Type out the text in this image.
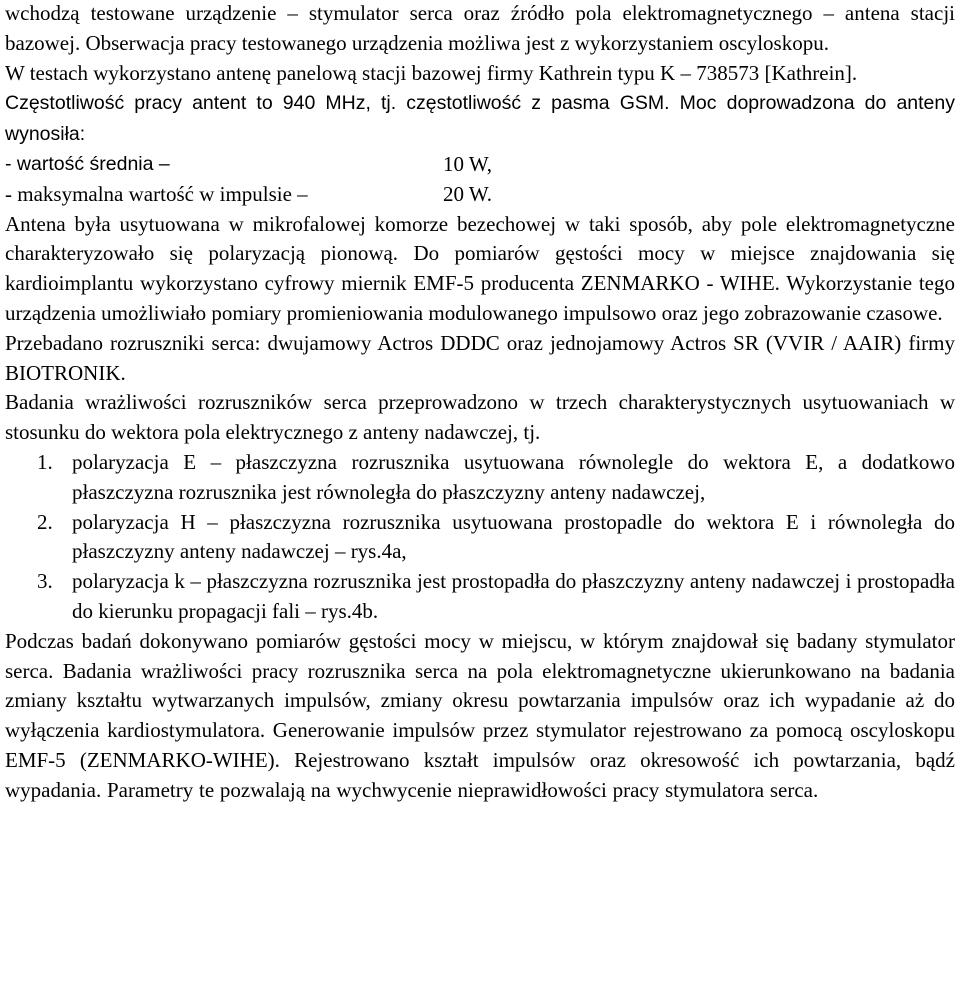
wchodzą testowane urządzenie – stymulator serca oraz źródło pola elektromagnetycznego – antena stacji bazowej. Obserwacja pracy testowanego urządzenia możliwa jest z wykorzystaniem oscyloskopu.

W testach wykorzystano antenę panelową stacji bazowej firmy Kathrein typu K – 738573 [Kathrein].

Częstotliwość pracy antent to 940 MHz, tj. częstotliwość z pasma GSM. Moc doprowadzona do anteny wynosiła:

- wartość średnia –	10 W,
- maksymalna wartość w impulsie –	20 W.

Antena była usytuowana w mikrofalowej komorze bezechowej w taki sposób, aby pole elektromagnetyczne charakteryzowało się polaryzacją pionową. Do pomiarów gęstości mocy w miejsce znajdowania się kardioimplantu wykorzystano cyfrowy miernik EMF-5 producenta ZENMARKO - WIHE. Wykorzystanie tego urządzenia umożliwiało pomiary promieniowania modulowanego impulsowo oraz jego zobrazowanie czasowe.

Przebadano rozruszniki serca: dwujamowy Actros DDDC oraz jednojamowy Actros SR (VVIR / AAIR) firmy BIOTRONIK.

Badania wrażliwości rozruszników serca przeprowadzono w trzech charakterystycznych usytuowaniach w stosunku do wektora pola elektrycznego z anteny nadawczej, tj.

1. polaryzacja E – płaszczyzna rozrusznika usytuowana równolegle do wektora E, a dodatkowo płaszczyzna rozrusznika jest równoległa do płaszczyzny anteny nadawczej,
2. polaryzacja H – płaszczyzna rozrusznika usytuowana prostopadle do wektora E i równoległa do płaszczyzny anteny nadawczej – rys.4a,
3. polaryzacja k – płaszczyzna rozrusznika jest prostopadła do płaszczyzny anteny nadawczej i prostopadła do kierunku propagacji fali – rys.4b.

Podczas badań dokonywano pomiarów gęstości mocy w miejscu, w którym znajdował się badany stymulator serca. Badania wrażliwości pracy rozrusznika serca na pola elektromagnetyczne ukierunkowano na badania zmiany kształtu wytwarzanych impulsów, zmiany okresu powtarzania impulsów oraz ich wypadanie aż do wyłączenia kardiostymulatora. Generowanie impulsów przez stymulator rejestrowano za pomocą oscyloskopu EMF-5 (ZENMARKO-WIHE). Rejestrowano kształt impulsów oraz okresowość ich powtarzania, bądź wypadania. Parametry te pozwalają na wychwycenie nieprawidłowości pracy stymulatora serca.
